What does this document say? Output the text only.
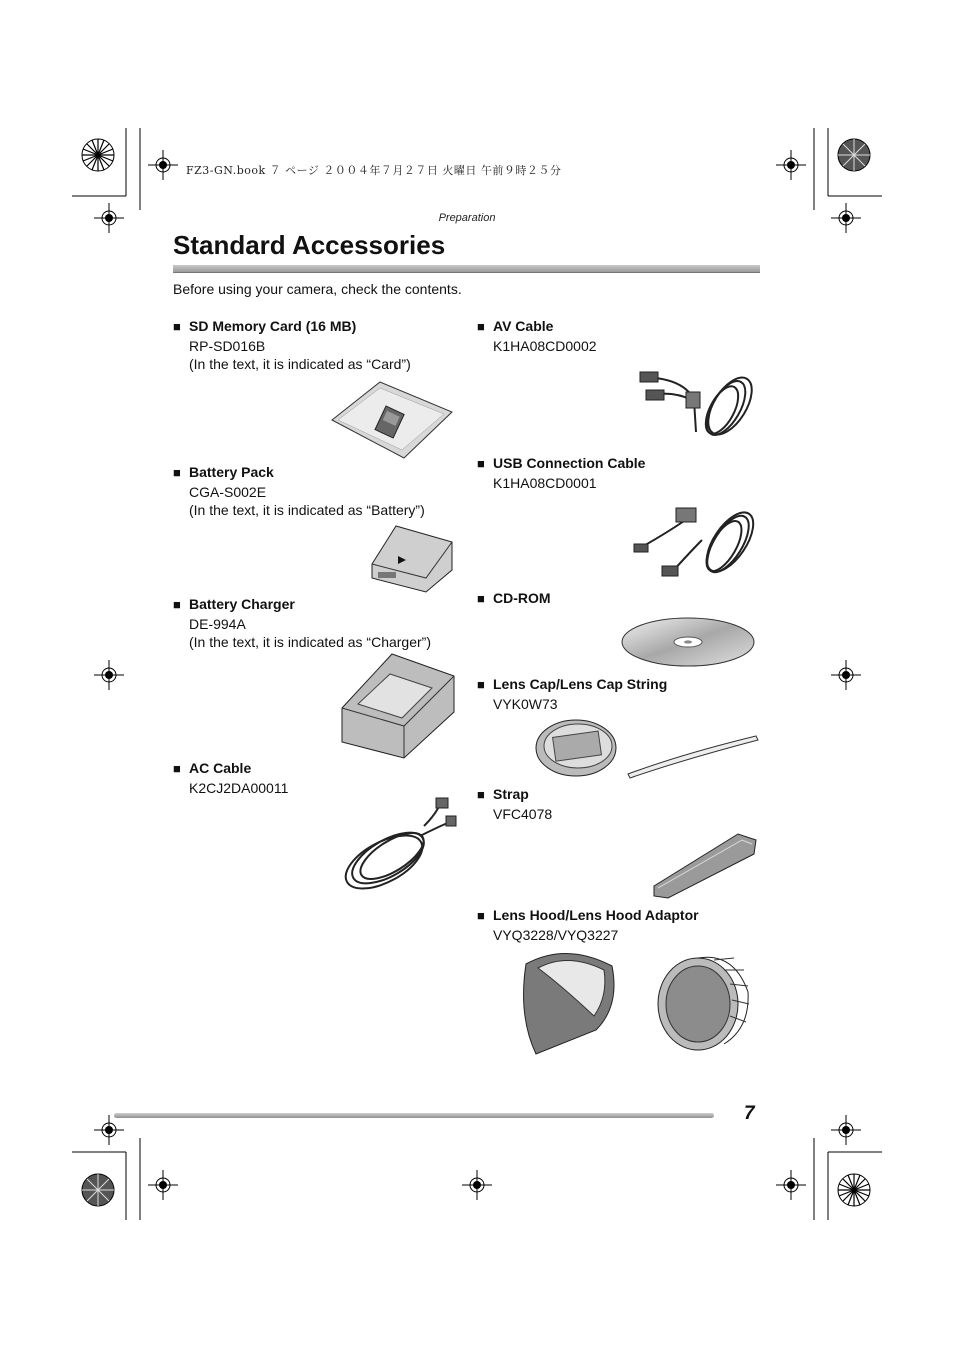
FZ3-GN.book ７ ページ ２００４年７月２７日 火曜日 午前９時２５分
Preparation
Standard Accessories
Before using your camera, check the contents.
■ SD Memory Card (16 MB)
RP-SD016B
(In the text, it is indicated as “Card”)
■ Battery Pack
CGA-S002E
(In the text, it is indicated as “Battery”)
■ Battery Charger
DE-994A
(In the text, it is indicated as “Charger”)
■ AC Cable
K2CJ2DA00011
■ AV Cable
K1HA08CD0002
■ USB Connection Cable
K1HA08CD0001
■ CD-ROM
■ Lens Cap/Lens Cap String
VYK0W73
■ Strap
VFC4078
■ Lens Hood/Lens Hood Adaptor
VYQ3228/VYQ3227
7
